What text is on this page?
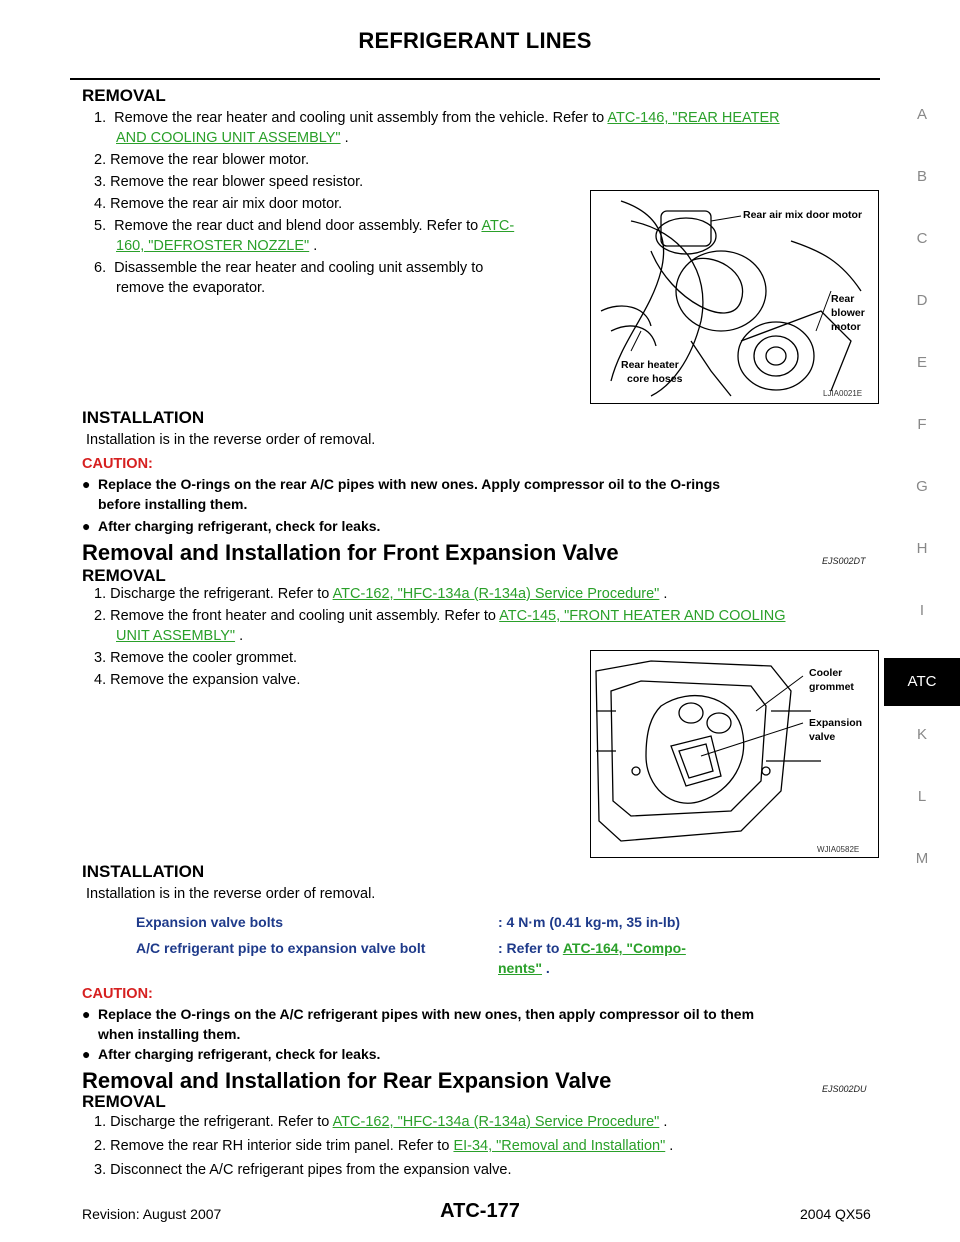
REFRIGERANT LINES
A
B
C
D
E
F
G
H
I
ATC
K
L
M
REMOVAL
1. Remove the rear heater and cooling unit assembly from the vehicle. Refer to ATC-146, "REAR HEATER
AND COOLING UNIT ASSEMBLY" .
2. Remove the rear blower motor.
3. Remove the rear blower speed resistor.
4. Remove the rear air mix door motor.
5. Remove the rear duct and blend door assembly. Refer to ATC-
160, "DEFROSTER NOZZLE" .
6. Disassemble the rear heater and cooling unit assembly to
remove the evaporator.
Rear air mix door motor
Rear
blower
motor
Rear heater
core hoses
LJIA0021E
INSTALLATION
Installation is in the reverse order of removal.
CAUTION:
● Replace the O-rings on the rear A/C pipes with new ones. Apply compressor oil to the O-rings
before installing them.
● After charging refrigerant, check for leaks.
Removal and Installation for Front Expansion Valve	EJS002DT
REMOVAL
1. Discharge the refrigerant. Refer to ATC-162, "HFC-134a (R-134a) Service Procedure" .
2. Remove the front heater and cooling unit assembly. Refer to ATC-145, "FRONT HEATER AND COOLING
UNIT ASSEMBLY" .
3. Remove the cooler grommet.
4. Remove the expansion valve.	Cooler
grommet
Expansion
valve
WJIA0582E
INSTALLATION
Installation is in the reverse order of removal.
Expansion valve bolts	: 4 N·m (0.41 kg-m, 35 in-lb)
A/C refrigerant pipe to expansion valve bolt	: Refer to ATC-164, "Compo-
nents" .
CAUTION:
● Replace the O-rings on the A/C refrigerant pipes with new ones, then apply compressor oil to them
when installing them.
● After charging refrigerant, check for leaks.
Removal and Installation for Rear Expansion Valve	EJS002DU
REMOVAL
1. Discharge the refrigerant. Refer to ATC-162, "HFC-134a (R-134a) Service Procedure" .
2. Remove the rear RH interior side trim panel. Refer to EI-34, "Removal and Installation" .
3. Disconnect the A/C refrigerant pipes from the expansion valve.
Revision: August 2007	ATC-177	2004 QX56
